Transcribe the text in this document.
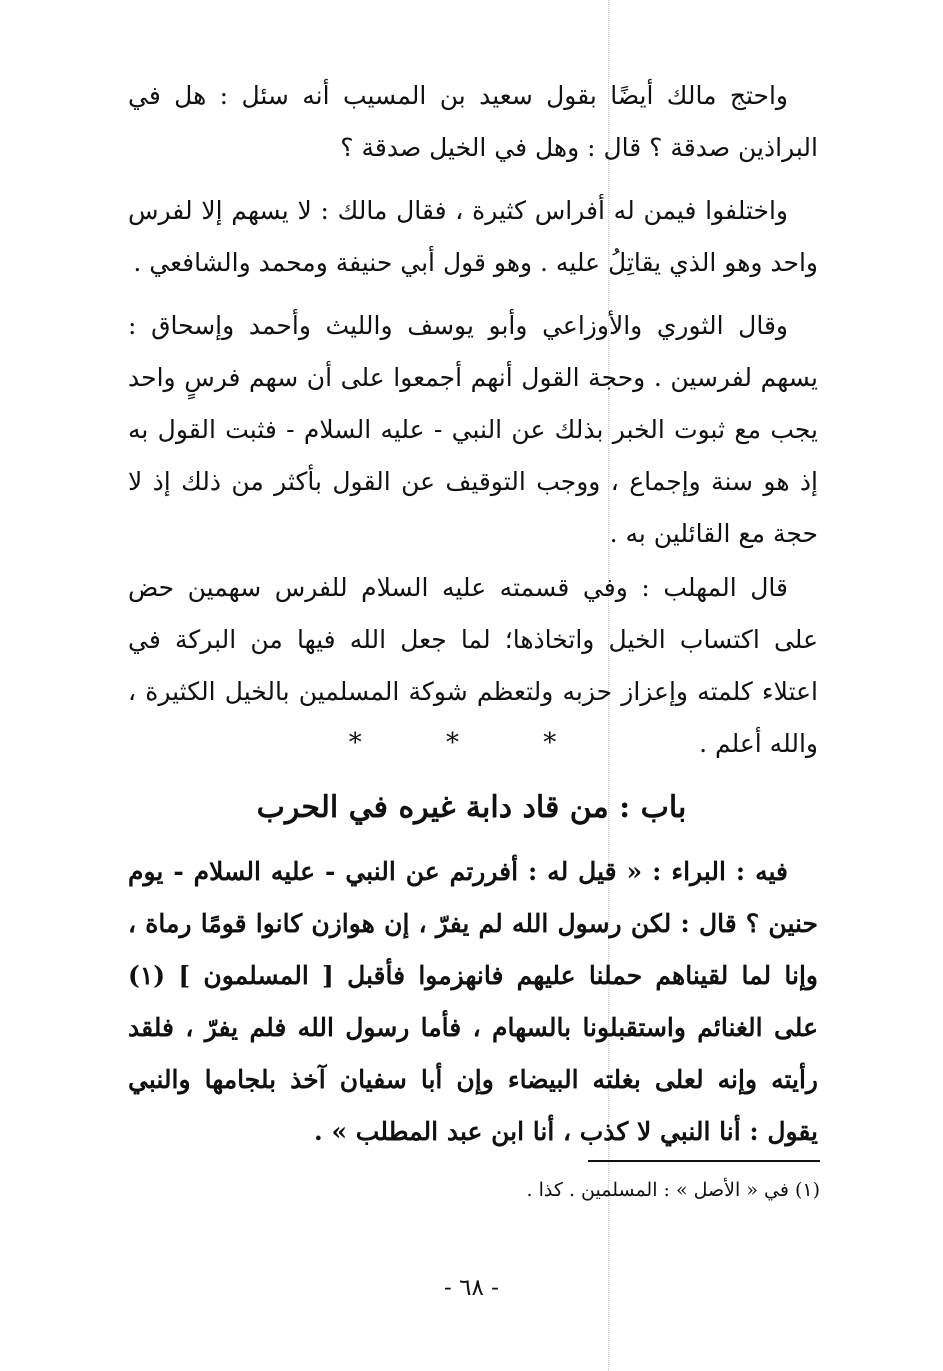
واحتج مالك أيضًا بقول سعيد بن المسيب أنه سئل : هل في البراذين صدقة ؟ قال : وهل في الخيل صدقة ؟

واختلفوا فيمن له أفراس كثيرة ، فقال مالك : لا يسهم إلا لفرس واحد وهو الذي يقاتِلُ عليه . وهو قول أبي حنيفة ومحمد والشافعي .

وقال الثوري والأوزاعي وأبو يوسف والليث وأحمد وإسحاق : يسهم لفرسين . وحجة القول أنهم أجمعوا على أن سهم فرسٍ واحد يجب مع ثبوت الخبر بذلك عن النبي - عليه السلام - فثبت القول به إذ هو سنة وإجماع ، ووجب التوقيف عن القول بأكثر من ذلك إذ لا حجة مع القائلين به .

قال المهلب : وفي قسمته عليه السلام للفرس سهمين حض على اكتساب الخيل واتخاذها؛ لما جعل الله فيها من البركة في اعتلاء كلمته وإعزاز حزبه ولتعظم شوكة المسلمين بالخيل الكثيرة ، والله أعلم .

* * *
باب : من قاد دابة غيره في الحرب

فيه : البراء : « قيل له : أفررتم عن النبي - عليه السلام - يوم حنين ؟ قال : لكن رسول الله لم يفرّ ، إن هوازن كانوا قومًا رماة ، وإنا لما لقيناهم حملنا عليهم فانهزموا فأقبل [ المسلمون ] (١) على الغنائم واستقبلونا بالسهام ، فأما رسول الله فلم يفرّ ، فلقد رأيته وإنه لعلى بغلته البيضاء وإن أبا سفيان آخذ بلجامها والنبي يقول : أنا النبي لا كذب ، أنا ابن عبد المطلب » .

(١) في « الأصل » : المسلمين . كذا .

- ٦٨ -
